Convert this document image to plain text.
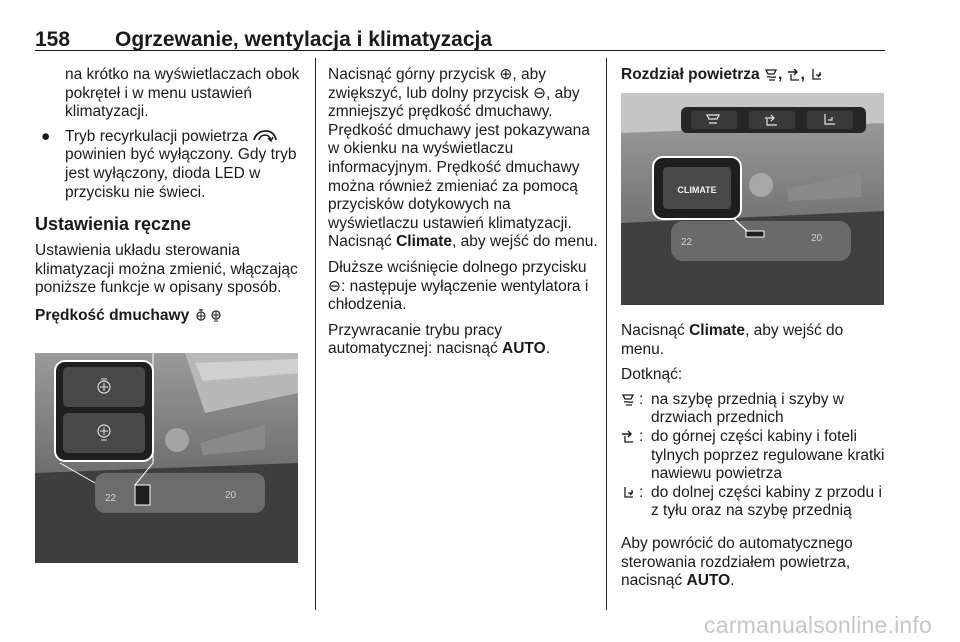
158 Ogrzewanie, wentylacja i klimatyzacja

na krótko na wyświetlaczach obok pokręteł i w menu ustawień klimatyzacji.

● Tryb recyrkulacji powietrza  powinien być wyłączony. Gdy tryb jest wyłączony, dioda LED w przycisku nie świeci.

Ustawienia ręczne

Ustawienia układu sterowania klimatyzacji można zmienić, włączając poniższe funkcje w opisany sposób.

Prędkość dmuchawy

22	20

Nacisnąć górny przycisk ⊕, aby zwiększyć, lub dolny przycisk ⊖, aby zmniejszyć prędkość dmuchawy. Prędkość dmuchawy jest pokazywana w okienku na wyświetlaczu informacyjnym. Prędkość dmuchawy można również zmieniać za pomocą przycisków dotykowych na wyświetlaczu ustawień klimatyzacji. Nacisnąć Climate, aby wejść do menu.

Dłuższe wciśnięcie dolnego przycisku ⊖: następuje wyłączenie wentylatora i chłodzenia.

Przywracanie trybu pracy automatycznej: nacisnąć AUTO.

Rozdział powietrza , ,

22	20
CLIMATE

Nacisnąć Climate, aby wejść do menu.

Dotknąć:

: na szybę przednią i szyby w drzwiach przednich
: do górnej części kabiny i foteli tylnych poprzez regulowane kratki nawiewu powietrza
: do dolnej części kabiny z przodu i z tyłu oraz na szybę przednią

Aby powrócić do automatycznego sterowania rozdziałem powietrza, nacisnąć AUTO.

carmanualsonline.info
